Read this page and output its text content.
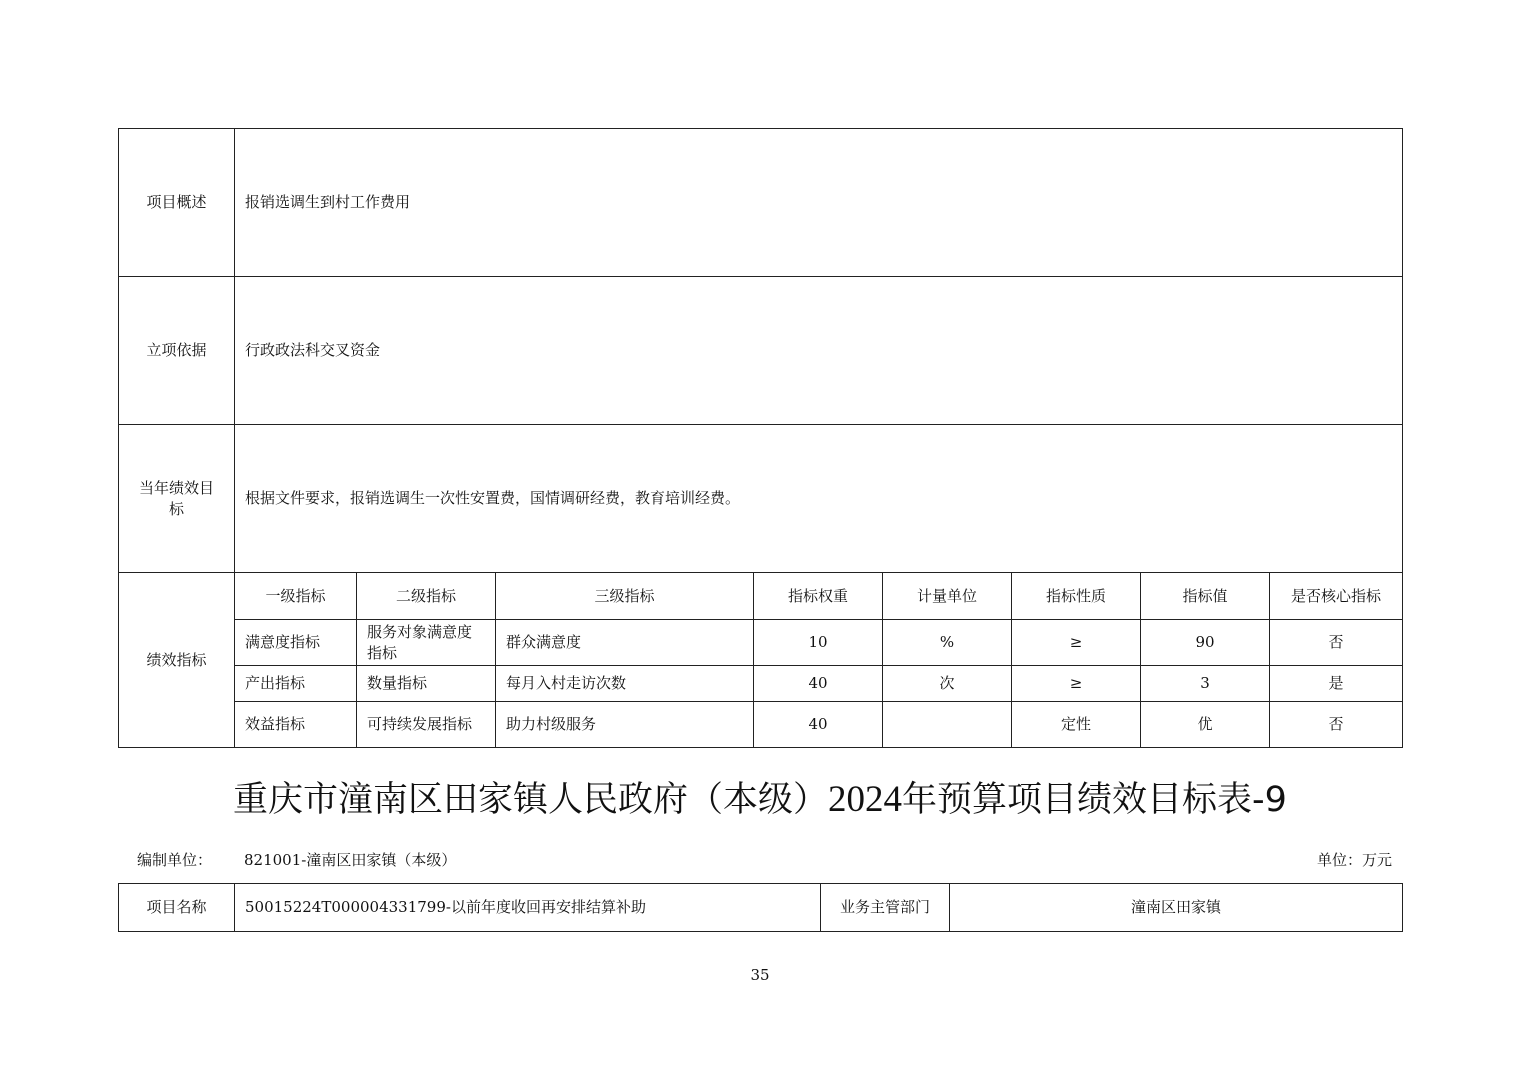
项目概述	报销选调生到村工作费用							
立项依据	行政政法科交叉资金							
当年绩效目标	根据文件要求，报销选调生一次性安置费，国情调研经费，教育培训经费。							
绩效指标	一级指标	二级指标	三级指标	指标权重	计量单位	指标性质	指标值	是否核心指标
	满意度指标	服务对象满意度指标	群众满意度	10	%	≥	90	否
	产出指标	数量指标	每月入村走访次数	40	次	≥	3	是
	效益指标	可持续发展指标	助力村级服务	40		定性	优	否
重庆市潼南区田家镇人民政府（本级）2024年预算项目绩效目标表-9
编制单位： 821001-潼南区田家镇（本级）	单位：万元
项目名称	50015224T000004331799-以前年度收回再安排结算补助	业务主管部门	潼南区田家镇
35
